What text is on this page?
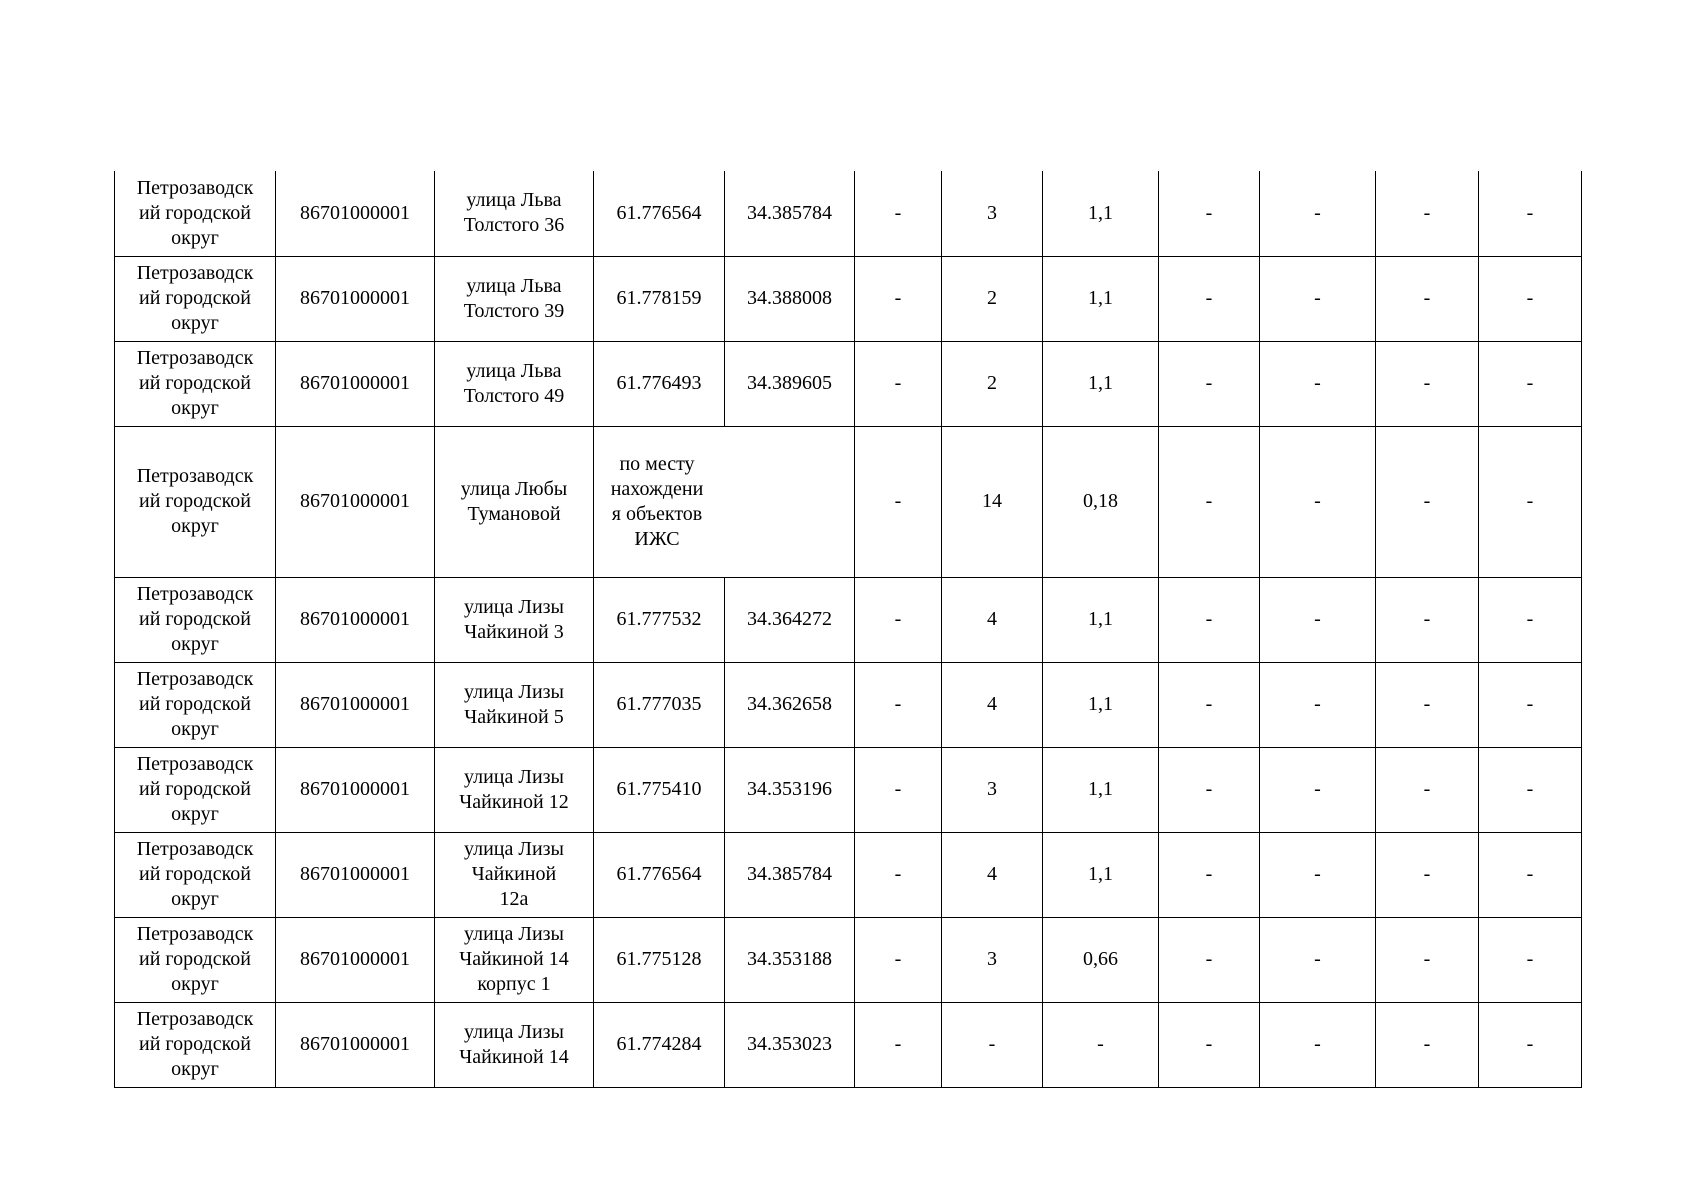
Петрозаводск
ий городской
округ	86701000001	улица Льва
Толстого 36	61.776564	34.385784	-	3	1,1	-	-	-	-
Петрозаводск
ий городской
округ	86701000001	улица Льва
Толстого 39	61.778159	34.388008	-	2	1,1	-	-	-	-
Петрозаводск
ий городской
округ	86701000001	улица Льва
Толстого 49	61.776493	34.389605	-	2	1,1	-	-	-	-
Петрозаводск
ий городской
округ	86701000001	улица Любы
Тумановой	по месту
нахождени
я объектов
ИЖС		-	14	0,18	-	-	-	-
Петрозаводск
ий городской
округ	86701000001	улица Лизы
Чайкиной 3	61.777532	34.364272	-	4	1,1	-	-	-	-
Петрозаводск
ий городской
округ	86701000001	улица Лизы
Чайкиной 5	61.777035	34.362658	-	4	1,1	-	-	-	-
Петрозаводск
ий городской
округ	86701000001	улица Лизы
Чайкиной 12	61.775410	34.353196	-	3	1,1	-	-	-	-
Петрозаводск
ий городской
округ	86701000001	улица Лизы
Чайкиной
12а	61.776564	34.385784	-	4	1,1	-	-	-	-
Петрозаводск
ий городской
округ	86701000001	улица Лизы
Чайкиной 14
корпус 1	61.775128	34.353188	-	3	0,66	-	-	-	-
Петрозаводск
ий городской
округ	86701000001	улица Лизы
Чайкиной 14	61.774284	34.353023	-	-	-	-	-	-	-
